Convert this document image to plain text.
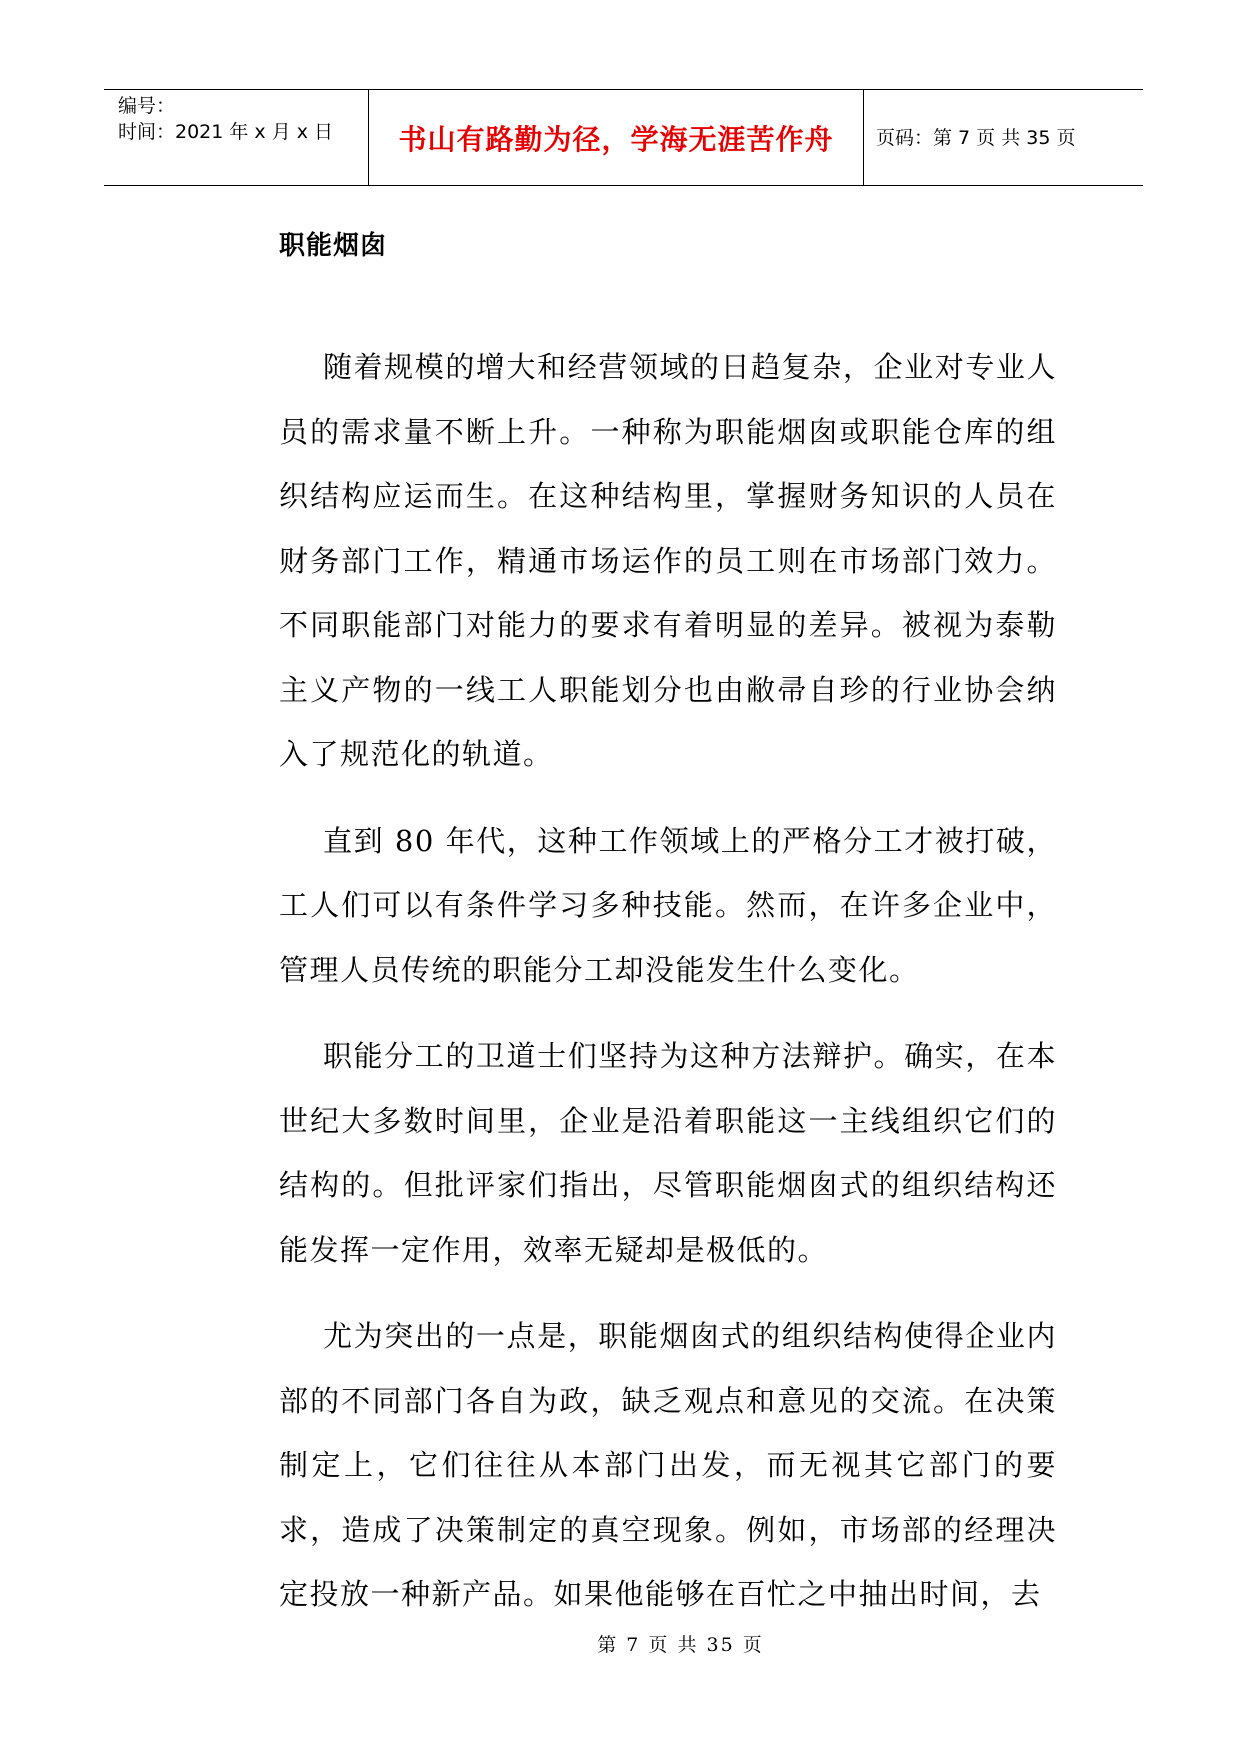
编号：
时间：2021 年 x 月 x 日 书山有路勤为径，学海无涯苦作舟 页码：第 7 页 共 35 页
职能烟囱

随着规模的增大和经营领域的日趋复杂，企业对专业人员的需求量不断上升。一种称为职能烟囱或职能仓库的组织结构应运而生。在这种结构里，掌握财务知识的人员在财务部门工作，精通市场运作的员工则在市场部门效力。不同职能部门对能力的要求有着明显的差异。被视为泰勒主义产物的一线工人职能划分也由敝帚自珍的行业协会纳入了规范化的轨道。

直到 80 年代，这种工作领域上的严格分工才被打破，工人们可以有条件学习多种技能。然而，在许多企业中，管理人员传统的职能分工却没能发生什么变化。

职能分工的卫道士们坚持为这种方法辩护。确实，在本世纪大多数时间里，企业是沿着职能这一主线组织它们的结构的。但批评家们指出，尽管职能烟囱式的组织结构还能发挥一定作用，效率无疑却是极低的。

尤为突出的一点是，职能烟囱式的组织结构使得企业内部的不同部门各自为政，缺乏观点和意见的交流。在决策制定上，它们往往从本部门出发，而无视其它部门的要求，造成了决策制定的真空现象。例如，市场部的经理决定投放一种新产品。如果他能够在百忙之中抽出时间，去

第 7 页 共 35 页
